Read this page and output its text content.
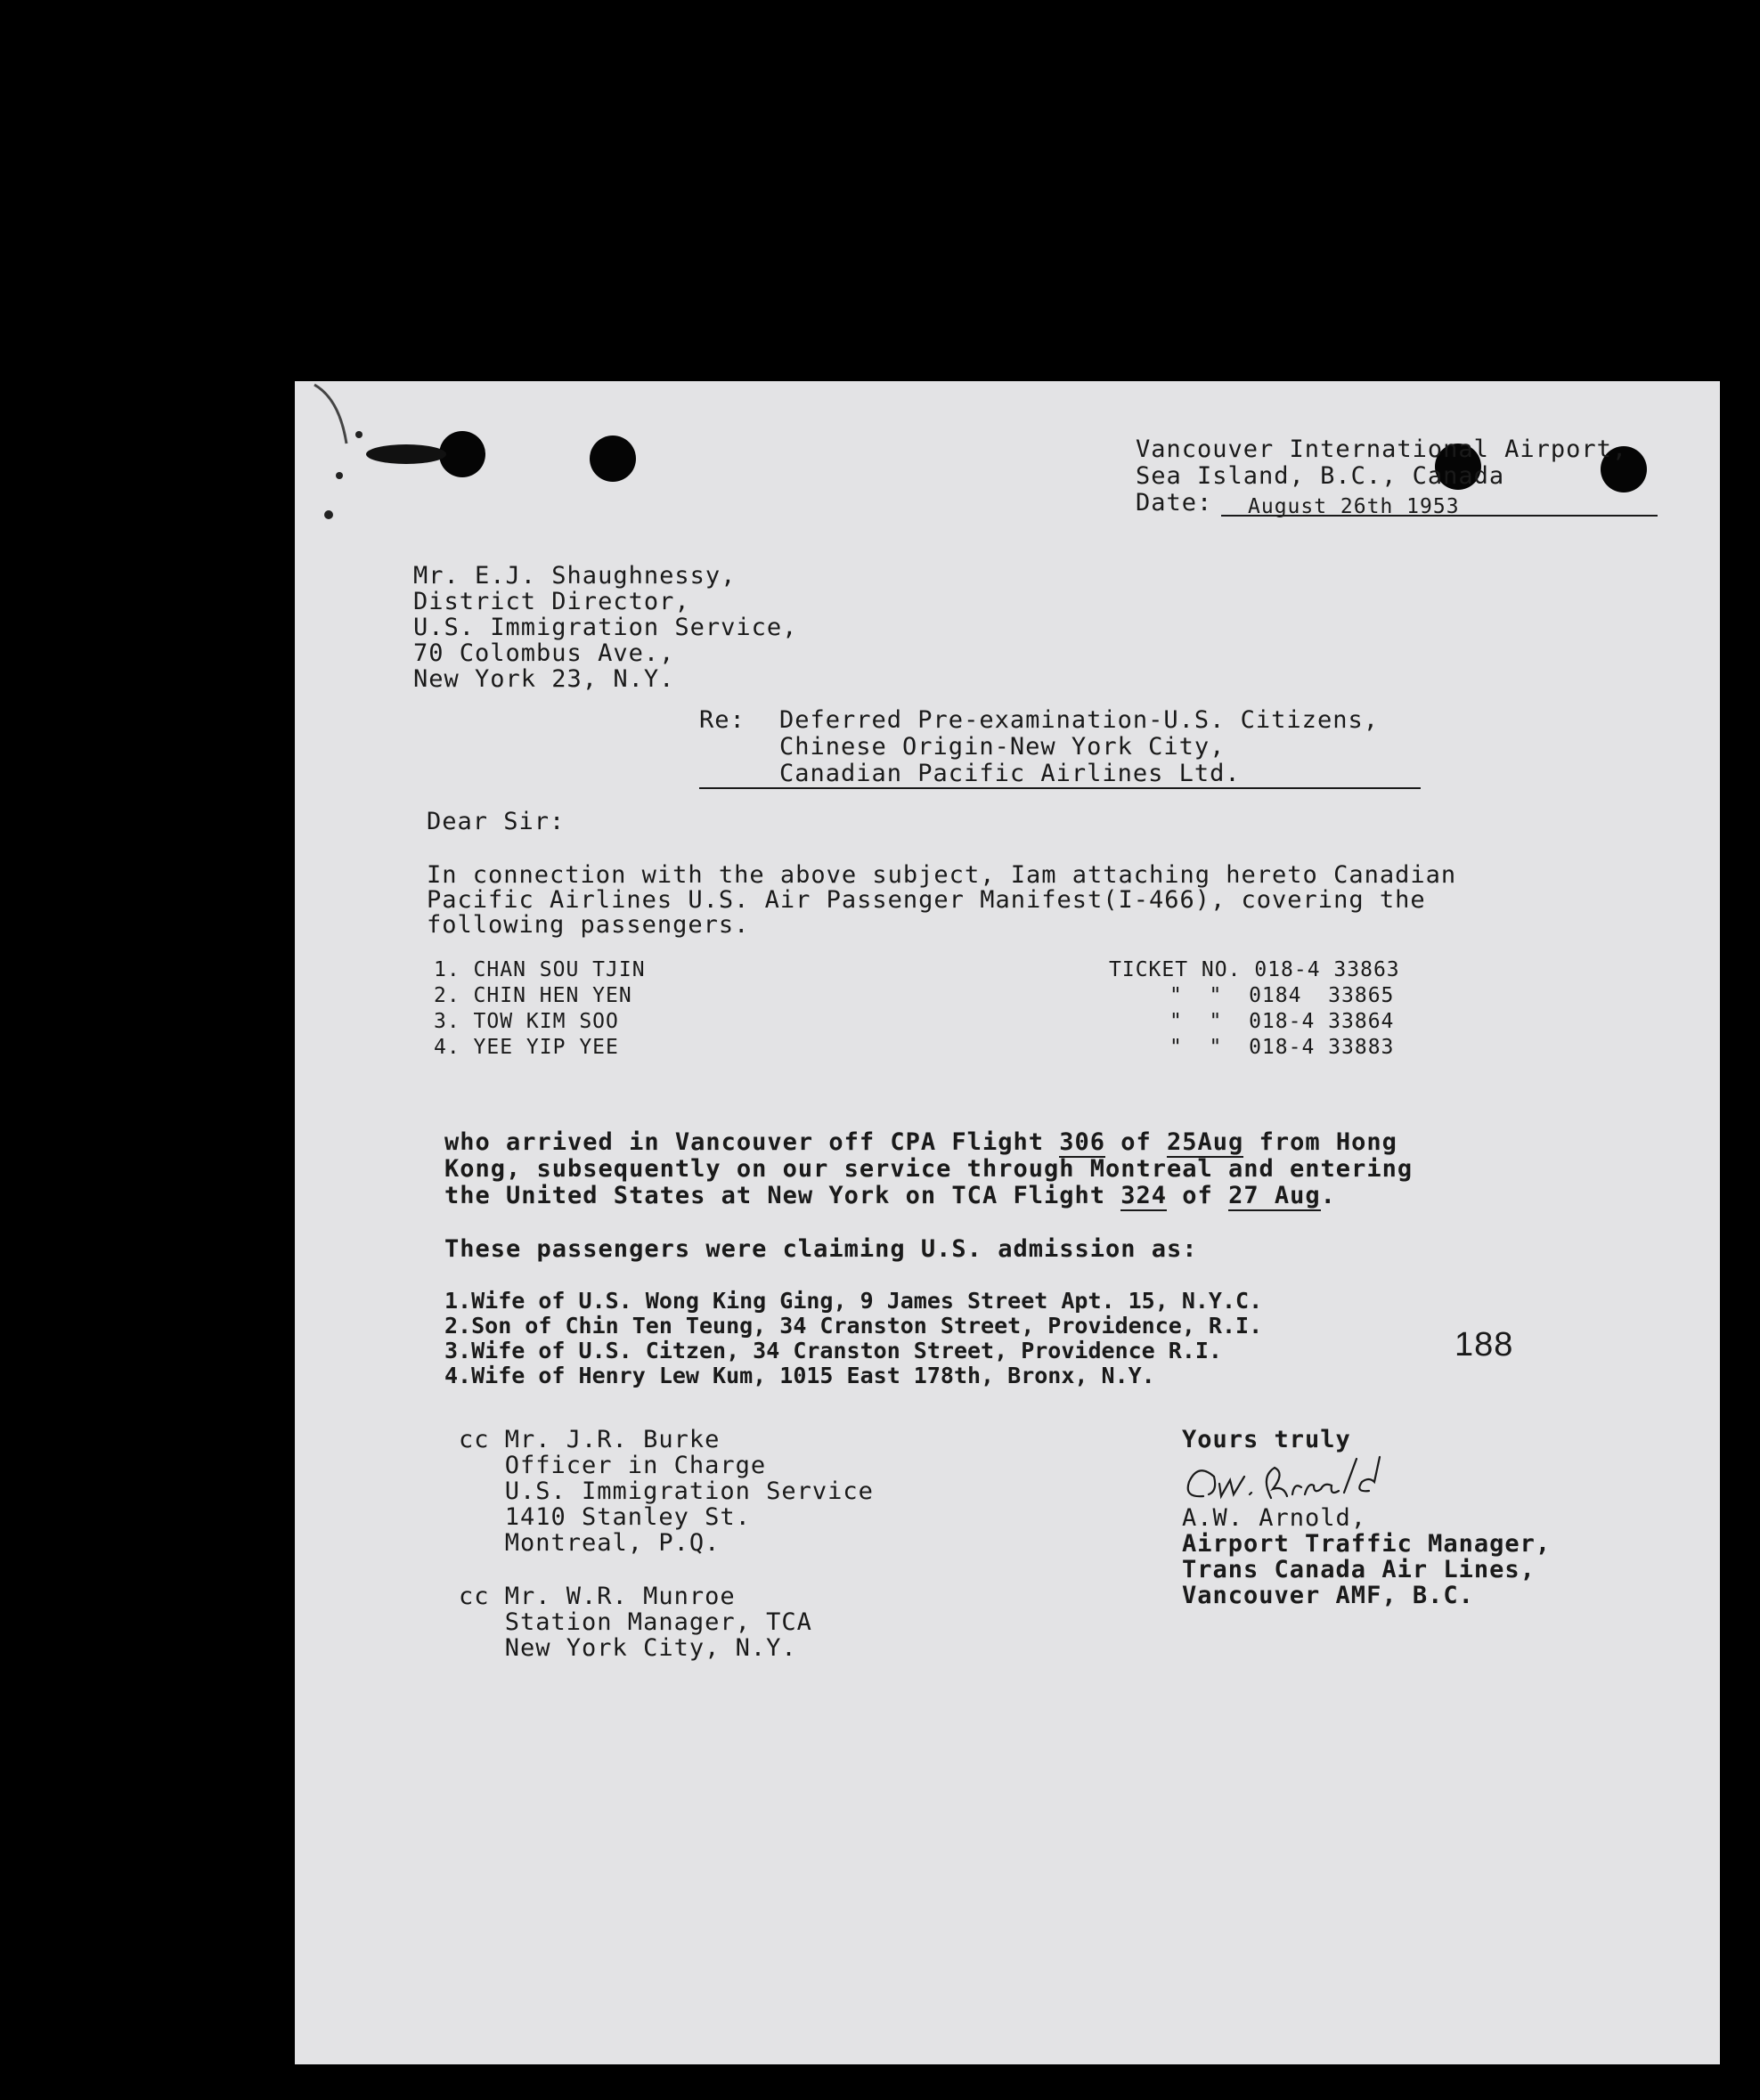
Vancouver International Airport,
Sea Island, B.C., Canada
Date: August 26th 1953
Mr. E.J. Shaughnessy,
District Director,
U.S. Immigration Service,
70 Colombus Ave.,
New York 23, N.Y.
Re: Deferred Pre-examination-U.S. Citizens,
Chinese Origin-New York City,
Canadian Pacific Airlines Ltd.
Dear Sir:
In connection with the above subject, Iam attaching hereto Canadian
Pacific Airlines U.S. Air Passenger Manifest(I-466), covering the
following passengers.
1. CHAN SOU TJIN	TICKET NO. 018-4 33863
2. CHIN HEN YEN	"  "  0184  33865
3. TOW KIM SOO	"  "  018-4 33864
4. YEE YIP YEE	"  "  018-4 33883
who arrived in Vancouver off CPA Flight 306 of 25Aug from Hong
Kong, subsequently on our service through Montreal and entering
the United States at New York on TCA Flight 324 of 27 Aug.
These passengers were claiming U.S. admission as:
1.Wife of U.S. Wong King Ging, 9 James Street Apt. 15, N.Y.C.
2.Son of Chin Ten Teung, 34 Cranston Street, Providence, R.I.
3.Wife of U.S. Citzen, 34 Cranston Street, Providence R.I.
4.Wife of Henry Lew Kum, 1015 East 178th, Bronx, N.Y.
188
cc Mr. J.R. Burke
Officer in Charge
U.S. Immigration Service
1410 Stanley St.
Montreal, P.Q.
cc Mr. W.R. Munroe
Station Manager, TCA
New York City, N.Y.
Yours truly
A.W. Arnold,
Airport Traffic Manager,
Trans Canada Air Lines,
Vancouver AMF, B.C.
